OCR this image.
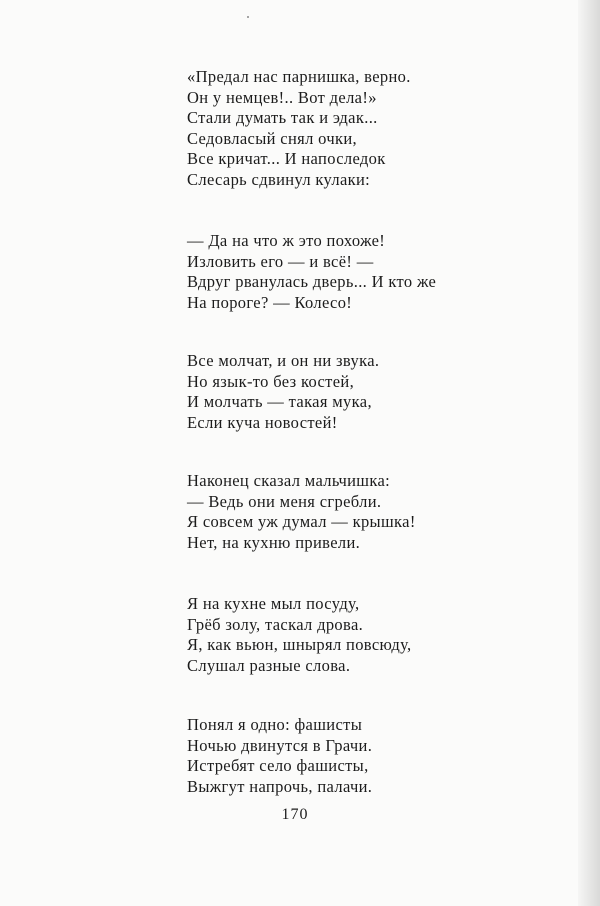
«Предал нас парнишка, верно.
Он у немцев!.. Вот дела!»
Стали думать так и эдак...
Седовласый снял очки,
Все кричат... И напоследок
Слесарь сдвинул кулаки:
— Да на что ж это похоже!
Изловить его — и всё! —
Вдруг рванулась дверь... И кто же
На пороге? — Колесо!
Все молчат, и он ни звука.
Но язык-то без костей,
И молчать — такая мука,
Если куча новостей!
Наконец сказал мальчишка:
— Ведь они меня сгребли.
Я совсем уж думал — крышка!
Нет, на кухню привели.
Я на кухне мыл посуду,
Грёб золу, таскал дрова.
Я, как вьюн, шнырял повсюду,
Слушал разные слова.
Понял я одно: фашисты
Ночью двинутся в Грачи.
Истребят село фашисты,
Выжгут напрочь, палачи.
170
